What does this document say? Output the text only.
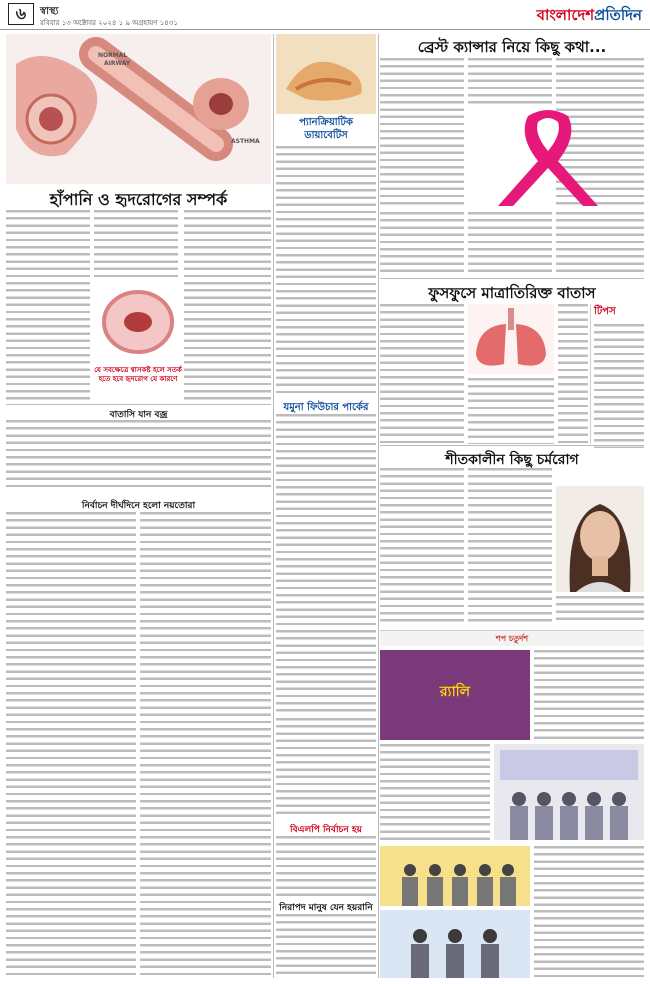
৬	স্বাস্থ্য
রবিবার ১৩ অক্টোবর ২০২৪ ১ ৯ অগ্রহায়ণ ১৪৩১	বাংলাদেশপ্রতিদিন
NORMAL
AIRWAY
ASTHMA
হাঁপানি ও হৃদরোগের সম্পর্ক
যে সবক্ষেত্রে শ্বাসকষ্ট হলে সতর্ক হতে হবে হৃদরোগ যে কারণে
প্যানক্রিয়াটিক ডায়াবেটিস
ব্রেস্ট ক্যান্সার নিয়ে কিছু কথা...
ফুসফুসে মাত্রাতিরিক্ত বাতাস
টিপস
যমুনা ফিউচার পার্কের
বাতাসি যান বজ্র
নির্বাচন দীর্ঘদিনে হলো নয়তোরা
শীতকালীন কিছু চর্মরোগ
বিএলপি নির্বাচন হয়
নিরাপদ মানুষ যেন হয়রানি
শপ চতুর্দশ
র‍্যালি
